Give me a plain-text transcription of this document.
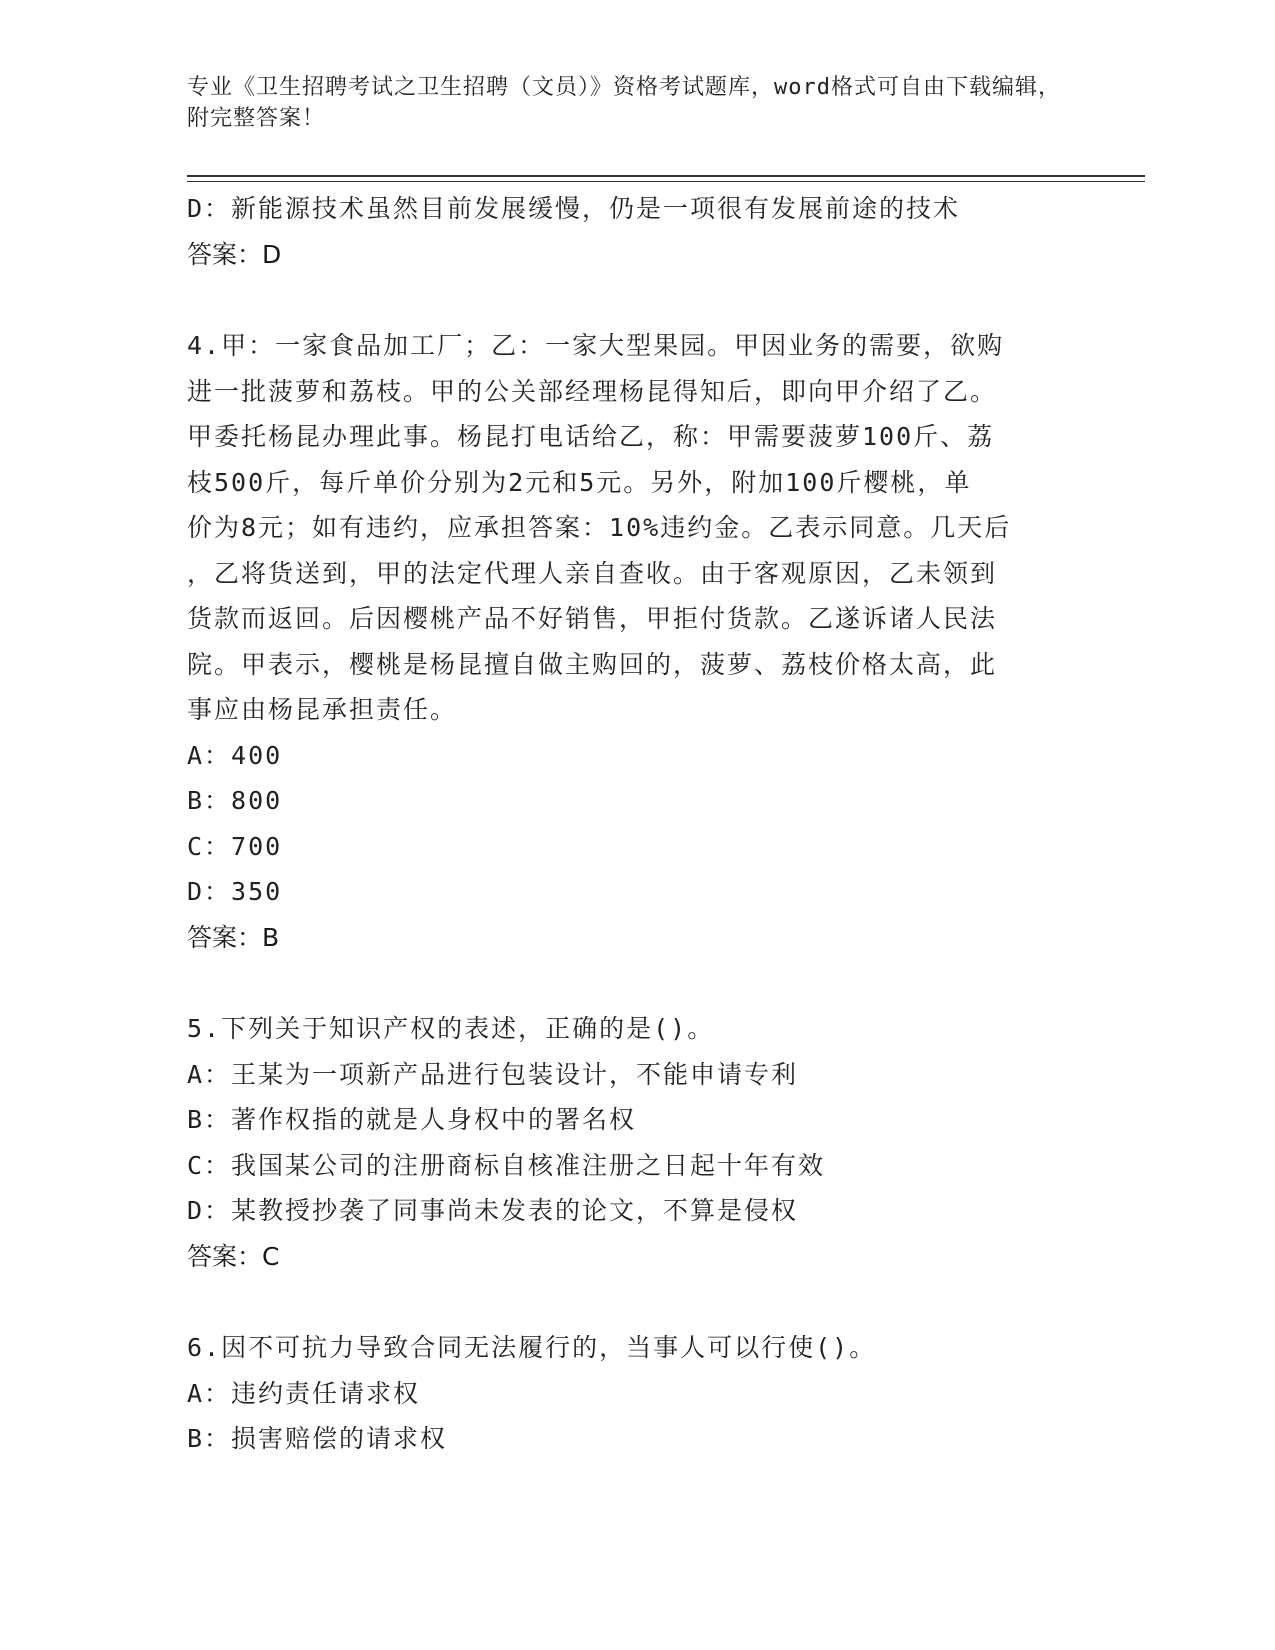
专业《卫生招聘考试之卫生招聘（文员）》资格考试题库，word格式可自由下载编辑，附完整答案！

D：新能源技术虽然目前发展缓慢，仍是一项很有发展前途的技术

答案：D

4.甲：一家食品加工厂；乙：一家大型果园。甲因业务的需要，欲购

进一批菠萝和荔枝。甲的公关部经理杨昆得知后，即向甲介绍了乙。

甲委托杨昆办理此事。杨昆打电话给乙，称：甲需要菠萝100斤、荔

枝500斤，每斤单价分别为2元和5元。另外，附加100斤樱桃，单

价为8元；如有违约，应承担答案：10%违约金。乙表示同意。几天后

，乙将货送到，甲的法定代理人亲自查收。由于客观原因，乙未领到

货款而返回。后因樱桃产品不好销售，甲拒付货款。乙遂诉诸人民法

院。甲表示，樱桃是杨昆擅自做主购回的，菠萝、荔枝价格太高，此

事应由杨昆承担责任。

A：400

B：800

C：700

D：350

答案：B

5.下列关于知识产权的表述，正确的是()。

A：王某为一项新产品进行包装设计，不能申请专利

B：著作权指的就是人身权中的署名权

C：我国某公司的注册商标自核准注册之日起十年有效

D：某教授抄袭了同事尚未发表的论文，不算是侵权

答案：C

6.因不可抗力导致合同无法履行的，当事人可以行使()。

A：违约责任请求权

B：损害赔偿的请求权
